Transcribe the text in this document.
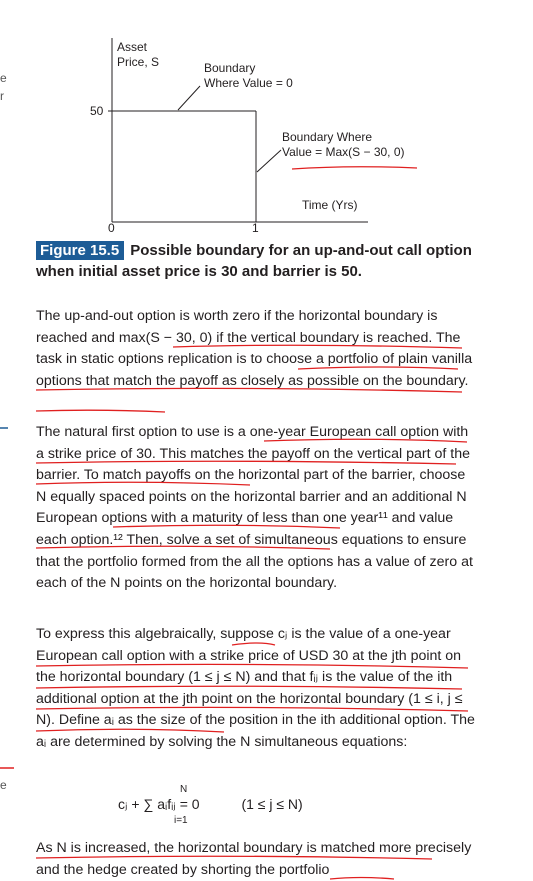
e
r
e
Asset
Price, S
50
0	1
Time (Yrs)
Boundary
Where Value = 0
Boundary Where
Value = Max(S − 30, 0)
Figure 15.5 Possible boundary for an up-and-out call option when initial asset price is 30 and barrier is 50.
The up-and-out option is worth zero if the horizontal boundary is reached and max(S − 30, 0) if the vertical boundary is reached. The task in static options replication is to choose a portfolio of plain vanilla options that match the payoff as closely as possible on the boundary.
The natural first option to use is a one-year European call option with a strike price of 30. This matches the payoff on the vertical part of the barrier. To match payoffs on the horizontal part of the barrier, choose N equally spaced points on the horizontal barrier and an additional N European options with a maturity of less than one year¹¹ and value each option.¹² Then, solve a set of simultaneous equations to ensure that the portfolio formed from the all the options has a value of zero at each of the N points on the horizontal boundary.
To express this algebraically, suppose cⱼ is the value of a one-year European call option with a strike price of USD 30 at the jth point on the horizontal boundary (1 ≤ j ≤ N) and that fᵢⱼ is the value of the ith additional option at the jth point on the horizontal boundary (1 ≤ i, j ≤ N). Define aᵢ as the size of the position in the ith additional option. The aᵢ are determined by solving the N simultaneous equations:
N
cⱼ + ∑ aᵢfᵢⱼ = 0
i=1
(1 ≤ j ≤ N)
As N is increased, the horizontal boundary is matched more precisely and the hedge created by shorting the portfolio
